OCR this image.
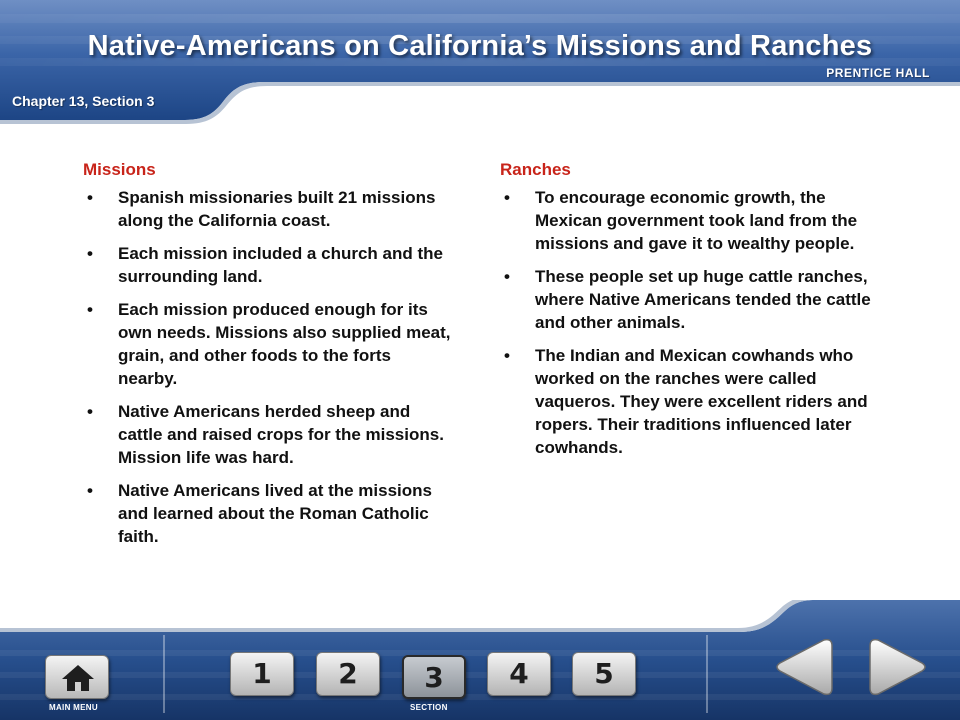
Native-Americans on California’s Missions and Ranches
PRENTICE HALL
Chapter 13, Section 3
Missions
• Spanish missionaries built 21 missions along the California coast.
• Each mission included a church and the surrounding land.
• Each mission produced enough for its own needs. Missions also supplied meat, grain, and other foods to the forts nearby.
• Native Americans herded sheep and cattle and raised crops for the missions. Mission life was hard.
• Native Americans lived at the missions and learned about the Roman Catholic faith.
Ranches
• To encourage economic growth, the Mexican government took land from the missions and gave it to wealthy people.
• These people set up huge cattle ranches, where Native Americans tended the cattle and other animals.
• The Indian and Mexican cowhands who worked on the ranches were called vaqueros. They were excellent riders and ropers. Their traditions influenced later cowhands.
MAIN MENU
1	2	3	4	5
SECTION
